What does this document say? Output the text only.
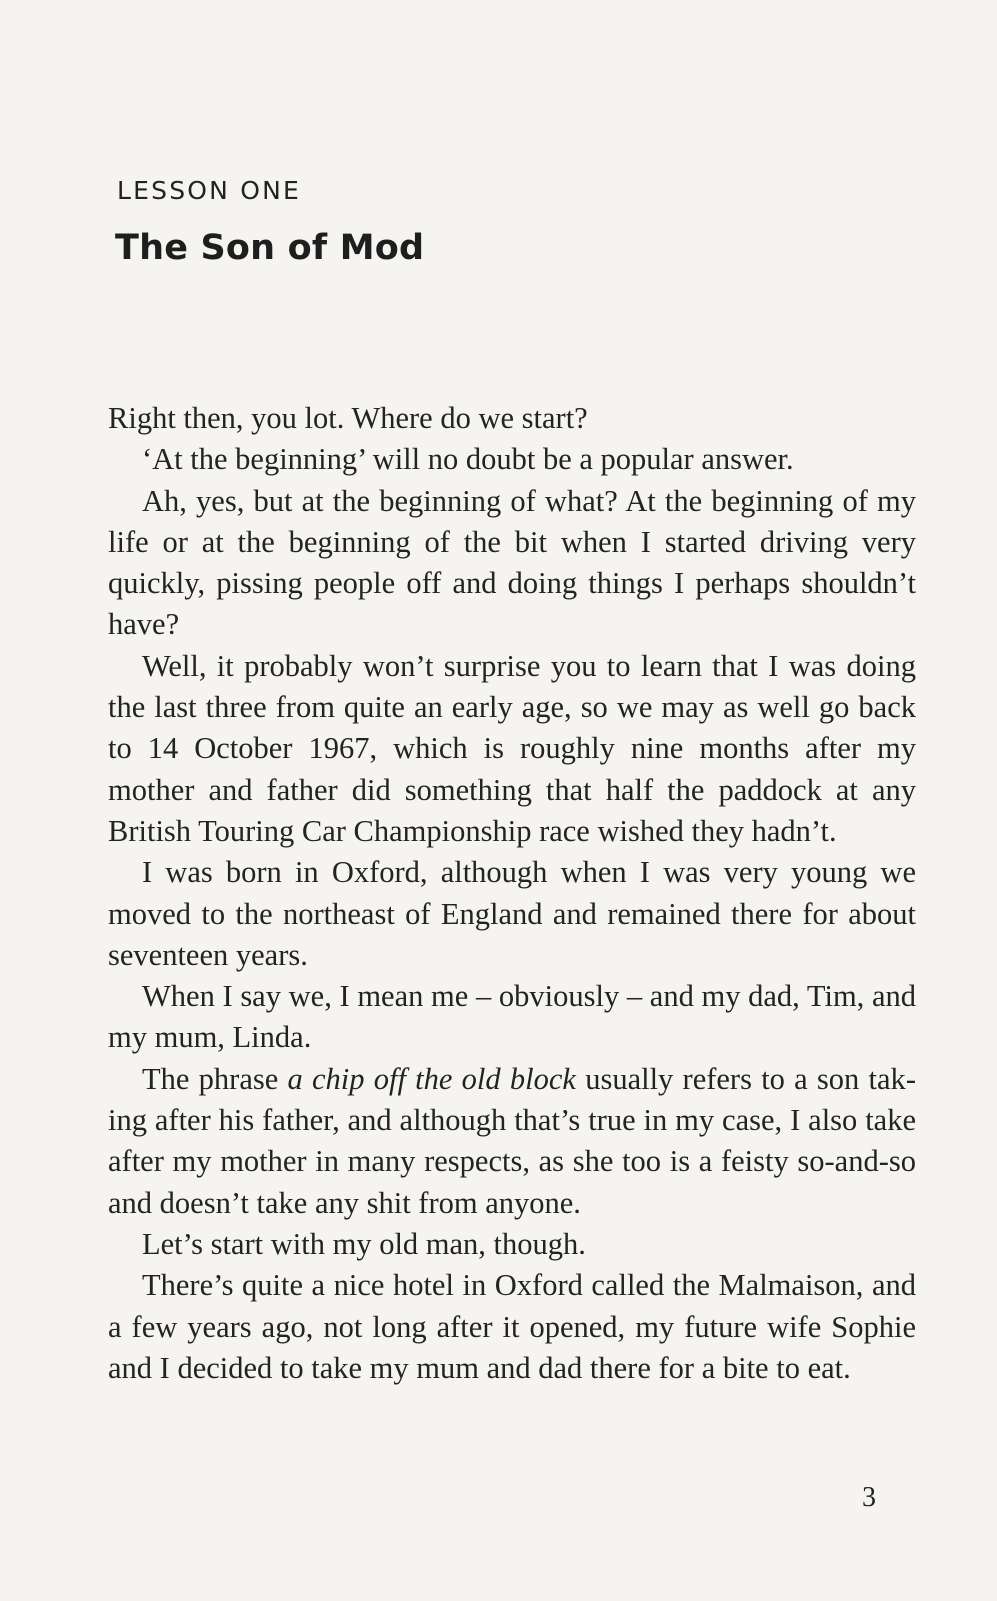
LESSON ONE
The Son of Mod

Right then, you lot. Where do we start?

‘At the beginning’ will no doubt be a popular answer.

Ah, yes, but at the beginning of what? At the beginning of my life or at the beginning of the bit when I started driving very quickly, pissing people off and doing things I perhaps shouldn’t have?

Well, it probably won’t surprise you to learn that I was doing the last three from quite an early age, so we may as well go back to 14 October 1967, which is roughly nine months after my mother and father did something that half the paddock at any British Touring Car Championship race wished they hadn’t.

I was born in Oxford, although when I was very young we moved to the northeast of England and remained there for about seventeen years.

When I say we, I mean me – obviously – and my dad, Tim, and my mum, Linda.

The phrase a chip off the old block usually refers to a son taking after his father, and although that’s true in my case, I also take after my mother in many respects, as she too is a feisty so-and-so and doesn’t take any shit from anyone.

Let’s start with my old man, though.

There’s quite a nice hotel in Oxford called the Malmaison, and a few years ago, not long after it opened, my future wife Sophie and I decided to take my mum and dad there for a bite to eat.

3
